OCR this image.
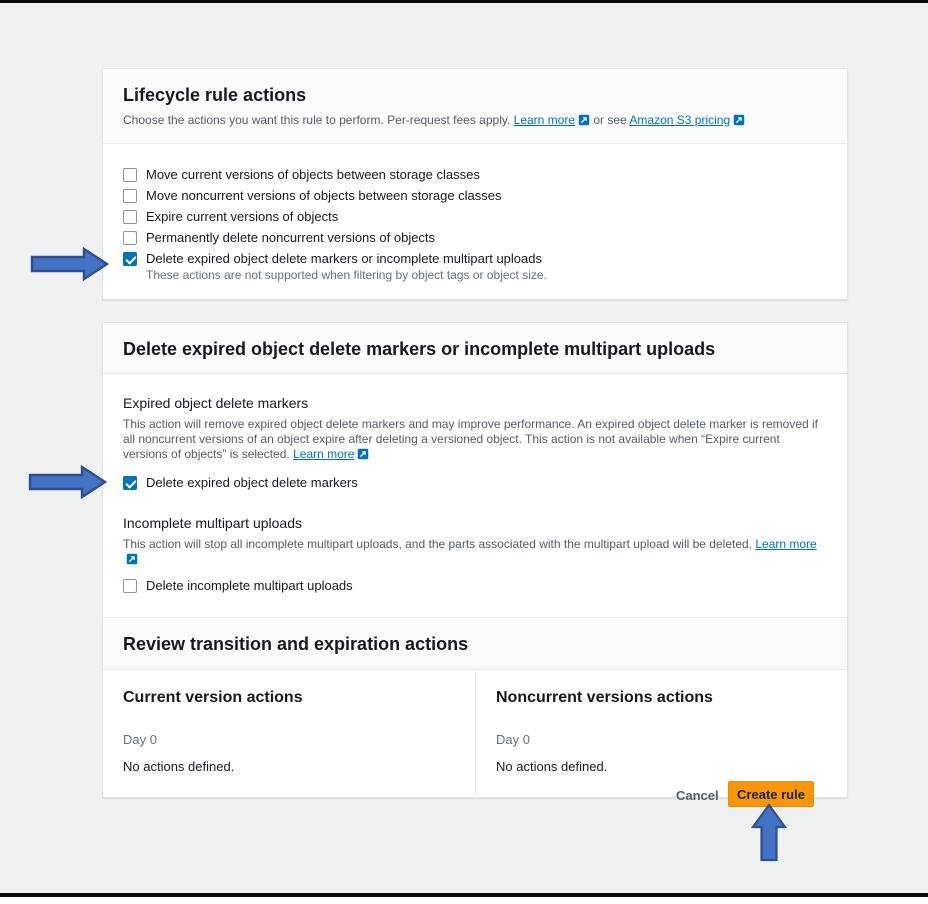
Lifecycle rule actions
Choose the actions you want this rule to perform. Per-request fees apply. Learn more or see Amazon S3 pricing
Move current versions of objects between storage classes
Move noncurrent versions of objects between storage classes
Expire current versions of objects
Permanently delete noncurrent versions of objects
Delete expired object delete markers or incomplete multipart uploads
These actions are not supported when filtering by object tags or object size.
Delete expired object delete markers or incomplete multipart uploads
Expired object delete markers
This action will remove expired object delete markers and may improve performance. An expired object delete marker is removed if all noncurrent versions of an object expire after deleting a versioned object. This action is not available when “Expire current versions of objects” is selected. Learn more
Delete expired object delete markers
Incomplete multipart uploads
This action will stop all incomplete multipart uploads, and the parts associated with the multipart upload will be deleted. Learn more
Delete incomplete multipart uploads
Review transition and expiration actions
Current version actions
Day 0
No actions defined.
Noncurrent versions actions
Day 0
No actions defined.
Cancel	Create rule
